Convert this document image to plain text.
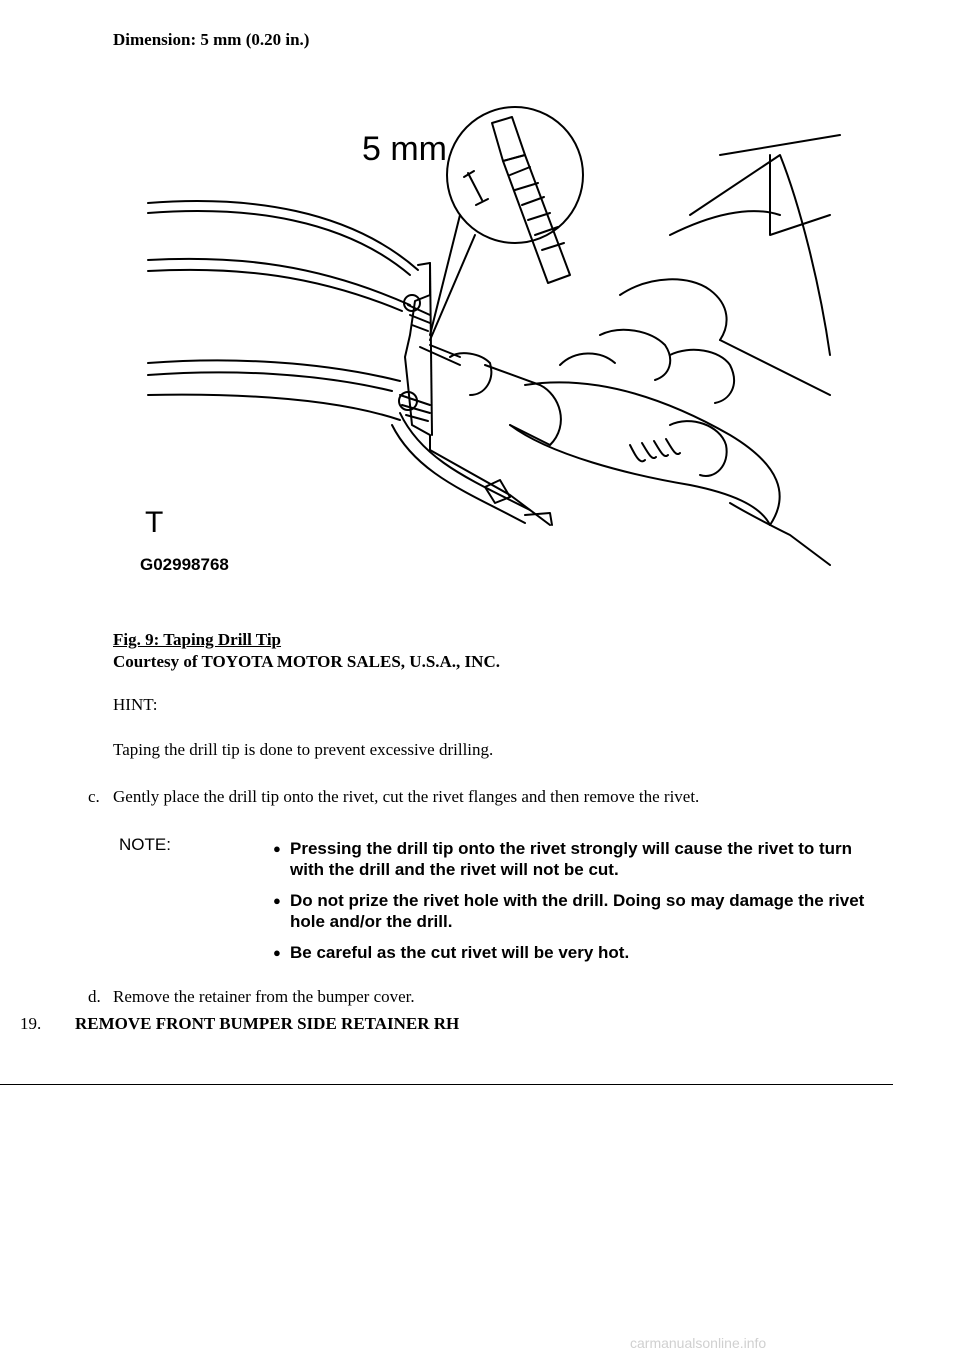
Dimension: 5 mm (0.20 in.)
5 mm
T
G02998768
Fig. 9: Taping Drill Tip
Courtesy of TOYOTA MOTOR SALES, U.S.A., INC.
HINT:
Taping the drill tip is done to prevent excessive drilling.
c. Gently place the drill tip onto the rivet, cut the rivet flanges and then remove the rivet.
NOTE:	● Pressing the drill tip onto the rivet strongly will cause the rivet to turn with the drill and the rivet will not be cut.
● Do not prize the rivet hole with the drill. Doing so may damage the rivet hole and/or the drill.
● Be careful as the cut rivet will be very hot.
d. Remove the retainer from the bumper cover.
19. REMOVE FRONT BUMPER SIDE RETAINER RH
carmanualsonline.info
